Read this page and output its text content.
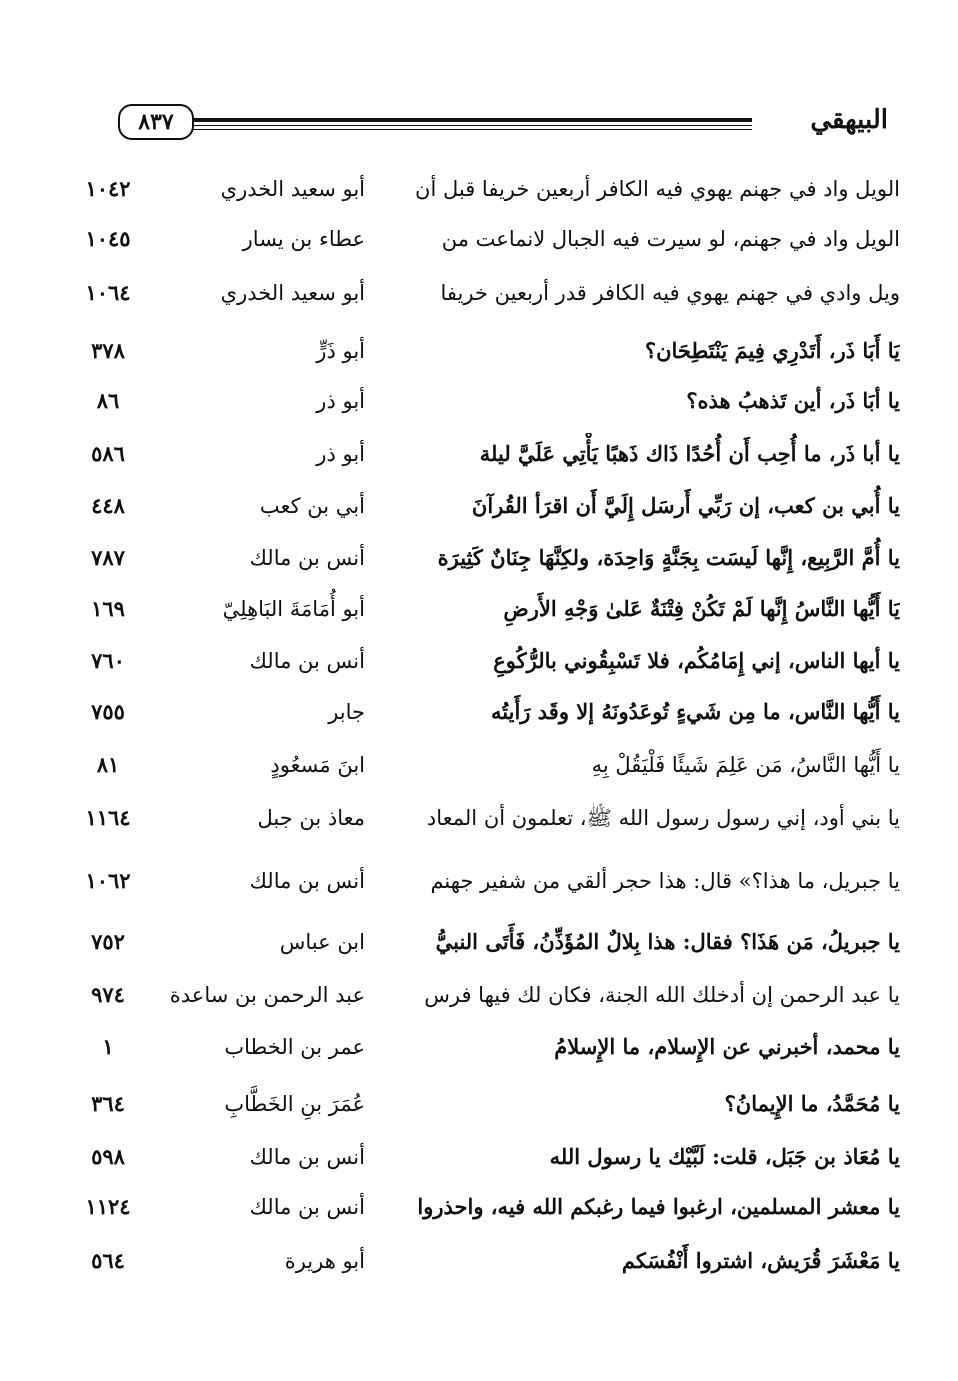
٨٣٧	البيهقي
الويل واد في جهنم يهوي فيه الكافر أربعين خريفا قبل أن
أبو سعيد الخدري
١٠٤٢
الويل واد في جهنم، لو سيرت فيه الجبال لانماعت من
عطاء بن يسار
١٠٤٥
ويل وادي في جهنم يهوي فيه الكافر قدر أربعين خريفا
أبو سعيد الخدري
١٠٦٤
يَا أَبَا ذَر، أَتَدْرِي فِيمَ يَنْتَطِحَان؟
أبو ذَرٍّ
٣٧٨
يا أبَا ذَر، أين تَذهبُ هذه؟
أبو ذر
٨٦
يا أبا ذَر، ما أُحِب أَن أُحُدًا ذَاك ذَهبًا يَأْتِي عَلَيَّ ليلة
أبو ذر
٥٨٦
يا أُبي بن كعب، إن رَبِّي أَرسَل إِلَيَّ أَن اقرَأ القُرآنَ
أبي بن كعب
٤٤٨
يا أُمَّ الرَّبِيع، إِنَّها لَيسَت بِجَنَّةٍ وَاحِدَة، ولكِنَّهَا جِنَانٌ كَثِيرَة
أنس بن مالك
٧٨٧
يَا أَيُّها النَّاسُ إِنَّها لَمْ تَكُنْ فِتْنَةٌ عَلىٰ وَجْهِ الأَرضِ
أبو أُمَامَةَ البَاهِلِيّ
١٦٩
يا أيها الناس، إني إِمَامُكُم، فلا تَسْبِقُوني بالرُّكُوعِ
أنس بن مالك
٧٦٠
يا أَيُّها النَّاس، ما مِن شَيءٍ تُوعَدُونَهُ إلا وقَد رَأَيتُه
جابر
٧٥٥
يا أَيُّها النَّاسُ، مَن عَلِمَ شَيئًا فَلْيَقُلْ بِهِ
ابنَ مَسعُودٍ
٨١
يا بني أود، إني رسول رسول الله ﷺ، تعلمون أن المعاد
معاذ بن جبل
١١٦٤
يا جبريل، ما هذا؟» قال: هذا حجر ألقي من شفير جهنم
أنس بن مالك
١٠٦٢
يا جبريلُ، مَن هَذَا؟ فقال: هذا بِلالٌ المُؤَذِّنُ، فَأَتَى النبيُّ
ابن عباس
٧٥٢
يا عبد الرحمن إن أدخلك الله الجنة، فكان لك فيها فرس
عبد الرحمن بن ساعدة
٩٧٤
يا محمد، أخبرني عن الإِسلام، ما الإِسلامُ
عمر بن الخطاب
١
يا مُحَمَّدُ، ما الإِيمانُ؟
عُمَرَ بنِ الخَطَّابِ
٣٦٤
يا مُعَاذ بن جَبَل، قلت: لَبَّيْك يا رسول الله
أنس بن مالك
٥٩٨
يا معشر المسلمين، ارغبوا فيما رغبكم الله فيه، واحذروا
أنس بن مالك
١١٢٤
يا مَعْشَرَ قُرَيش، اشتروا أَنْفُسَكم
أبو هريرة
٥٦٤
